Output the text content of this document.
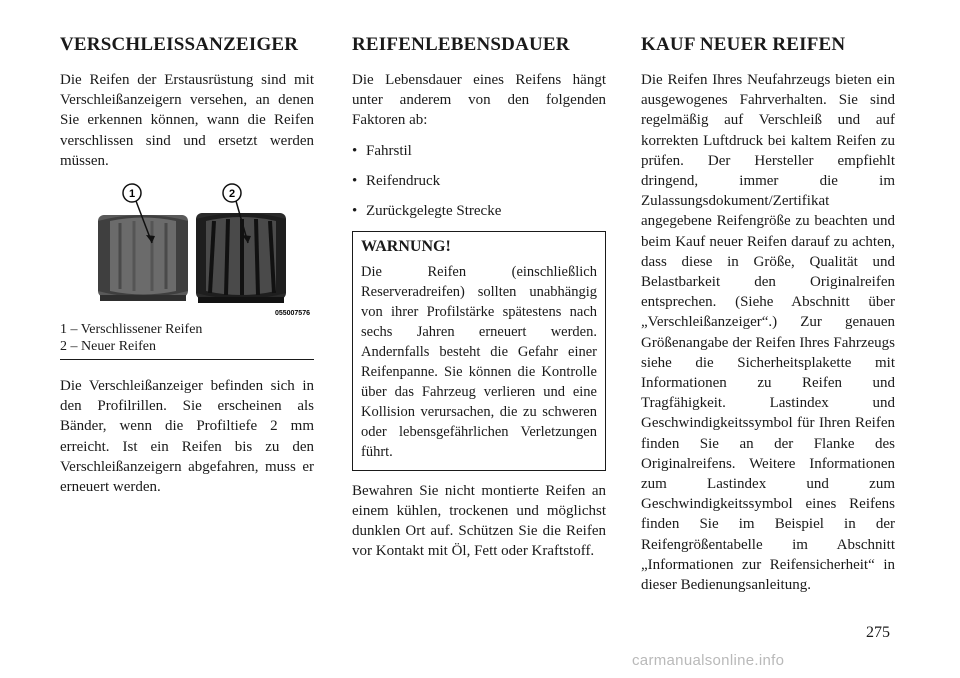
VERSCHLEISSANZEIGER

Die Reifen der Erstausrüstung sind mit Verschleißanzeigern versehen, an denen Sie erkennen können, wann die Reifen verschlissen sind und ersetzt werden müssen.

1	2
055007576
1 – Verschlissener Reifen
2 – Neuer Reifen

Die Verschleißanzeiger befinden sich in den Profilrillen. Sie erscheinen als Bänder, wenn die Profiltiefe 2 mm erreicht. Ist ein Reifen bis zu den Verschleißanzeigern abgefahren, muss er erneuert werden.

REIFENLEBENSDAUER

Die Lebensdauer eines Reifens hängt unter anderem von den folgenden Faktoren ab:

• Fahrstil
• Reifendruck
• Zurückgelegte Strecke
WARNUNG!

Die Reifen (einschließlich Reserveradreifen) sollten unabhängig von ihrer Profilstärke spätestens nach sechs Jahren erneuert werden. Andernfalls besteht die Gefahr einer Reifenpanne. Sie können die Kontrolle über das Fahrzeug verlieren und eine Kollision verursachen, die zu schweren oder lebensgefährlichen Verletzungen führt.

Bewahren Sie nicht montierte Reifen an einem kühlen, trockenen und möglichst dunklen Ort auf. Schützen Sie die Reifen vor Kontakt mit Öl, Fett oder Kraftstoff.

KAUF NEUER REIFEN

Die Reifen Ihres Neufahrzeugs bieten ein ausgewogenes Fahrverhalten. Sie sind regelmäßig auf Verschleiß und auf korrekten Luftdruck bei kaltem Reifen zu prüfen. Der Hersteller empfiehlt dringend, immer die im Zulassungsdokument/Zertifikat angegebene Reifengröße zu beachten und beim Kauf neuer Reifen darauf zu achten, dass diese in Größe, Qualität und Belastbarkeit den Originalreifen entsprechen. (Siehe Abschnitt über „Verschleißanzeiger“.) Zur genauen Größenangabe der Reifen Ihres Fahrzeugs siehe die Sicherheitsplakette mit Informationen zu Reifen und Tragfähigkeit. Lastindex und Geschwindigkeitssymbol für Ihren Reifen finden Sie an der Flanke des Originalreifens. Weitere Informationen zum Lastindex und zum Geschwindigkeitssymbol eines Reifens finden Sie im Beispiel in der Reifengrößentabelle im Abschnitt „Informationen zur Reifensicherheit“ in dieser Bedienungsanleitung.

275
carmanualsonline.info
